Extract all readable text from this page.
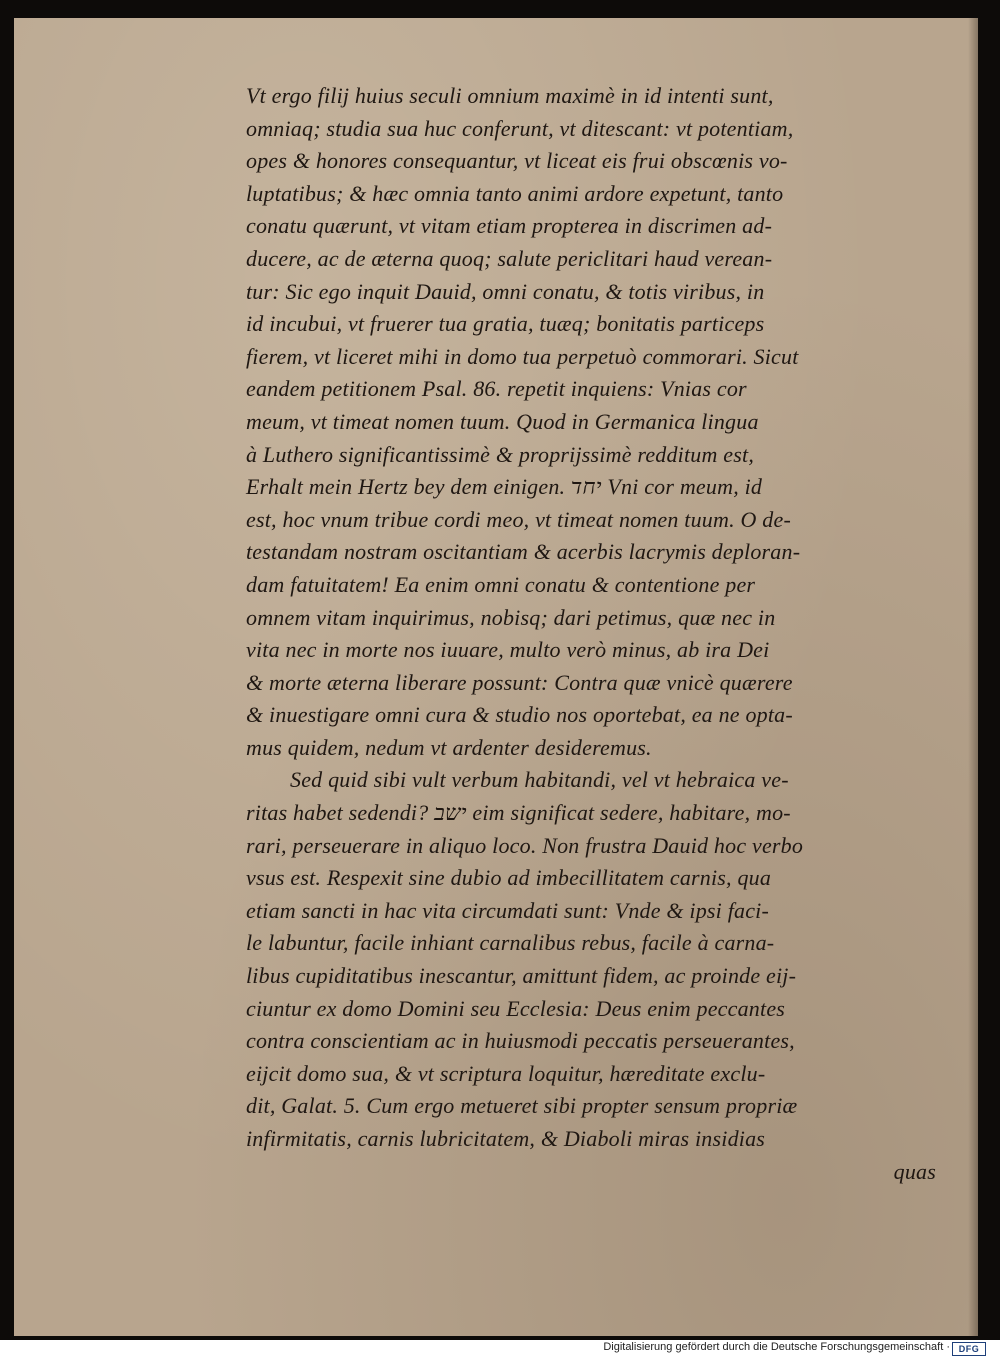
Vt ergo filij huius seculi omnium maximè in id intenti sunt,
omniaq; studia sua huc conferunt, vt ditescant: vt potentiam,
opes & honores consequantur, vt liceat eis frui obscœnis vo-
luptatibus; & hæc omnia tanto animi ardore expetunt, tanto
conatu quærunt, vt vitam etiam propterea in discrimen ad-
ducere, ac de æterna quoq; salute periclitari haud verean-
tur: Sic ego inquit Dauid, omni conatu, & totis viribus, in
id incubui, vt fruerer tua gratia, tuæq; bonitatis particeps
fierem, vt liceret mihi in domo tua perpetuò commorari. Sicut
eandem petitionem Psal. 86. repetit inquiens: Vnias cor
meum, vt timeat nomen tuum. Quod in Germanica lingua
à Luthero significantissimè & proprijssimè redditum est,
Erhalt mein Hertz bey dem einigen. יחד Vni cor meum, id
est, hoc vnum tribue cordi meo, vt timeat nomen tuum. O de-
testandam nostram oscitantiam & acerbis lacrymis deploran-
dam fatuitatem! Ea enim omni conatu & contentione per
omnem vitam inquirimus, nobisq; dari petimus, quæ nec in
vita nec in morte nos iuuare, multo verò minus, ab ira Dei
& morte æterna liberare possunt: Contra quæ vnicè quærere
& inuestigare omni cura & studio nos oportebat, ea ne opta-
mus quidem, nedum vt ardenter desideremus.
Sed quid sibi vult verbum habitandi, vel vt hebraica ve-
ritas habet sedendi? ישב eim significat sedere, habitare, mo-
rari, perseuerare in aliquo loco. Non frustra Dauid hoc verbo
vsus est. Respexit sine dubio ad imbecillitatem carnis, qua
etiam sancti in hac vita circumdati sunt: Vnde & ipsi faci-
le labuntur, facile inhiant carnalibus rebus, facile à carna-
libus cupiditatibus inescantur, amittunt fidem, ac proinde eij-
ciuntur ex domo Domini seu Ecclesia: Deus enim peccantes
contra conscientiam ac in huiusmodi peccatis perseuerantes,
eijcit domo sua, & vt scriptura loquitur, hæreditate exclu-
dit, Galat. 5. Cum ergo metueret sibi propter sensum propriæ
infirmitatis, carnis lubricitatem, & Diaboli miras insidias
quas
Digitalisierung gefördert durch die Deutsche Forschungsgemeinschaft · DFG
